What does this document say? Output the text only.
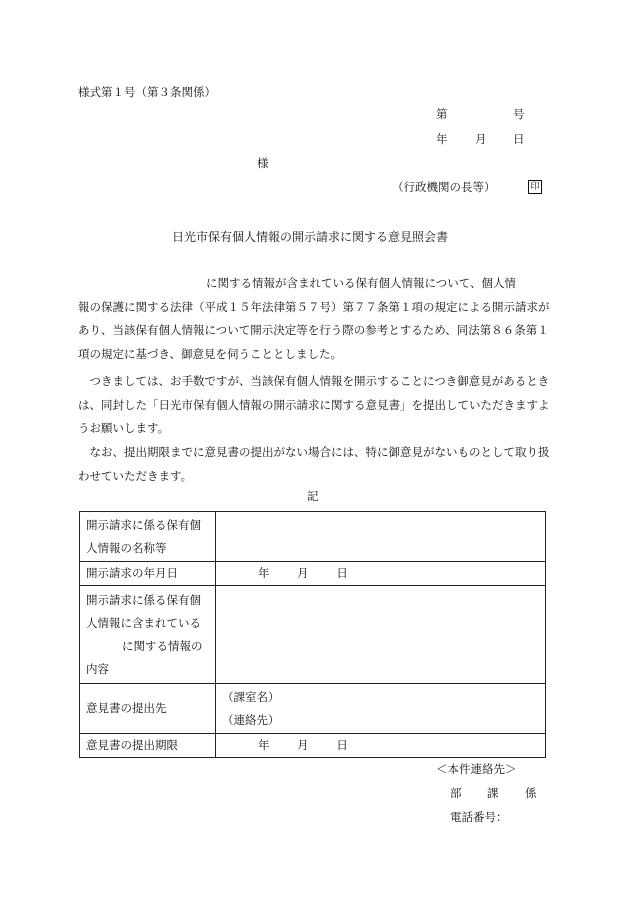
様式第１号（第３条関係）
第	号
年 月 日
様
（行政機関の長等）	印
日光市保有個人情報の開示請求に関する意見照会書

に関する情報が含まれている保有個人情報について、個人情

報の保護に関する法律（平成１５年法律第５７号）第７７条第１項の規定による開示請求があり、当該保有個人情報について開示決定等を行う際の参考とするため、同法第８６条第１項の規定に基づき、御意見を伺うこととしました。

つきましては、お手数ですが、当該保有個人情報を開示することにつき御意見があるときは、同封した「日光市保有個人情報の開示請求に関する意見書」を提出していただきますようお願いします。

なお、提出期限までに意見書の提出がない場合には、特に御意見がないものとして取り扱わせていただきます。

記
開示請求に係る保有個人情報の名称等	
開示請求の年月日	年 月 日
開示請求に係る保有個人情報に含まれているに関する情報の内容	
意見書の提出先	（課室名）
（連絡先）

意見書の提出期限	年 月 日
＜本件連絡先＞
部 課 係
電話番号：
